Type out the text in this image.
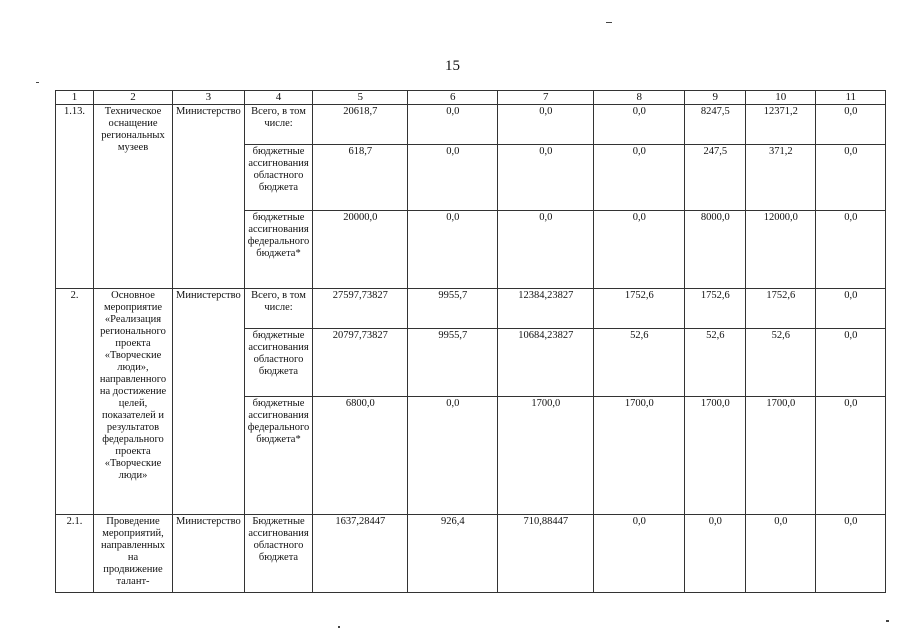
15
1	2	3	4	5	6	7	8	9	10	11
1.13.	Техническое оснащение региональных музеев	Министерство	Всего, в том числе:	20618,7	0,0	0,0	0,0	8247,5	12371,2	0,0
			бюджетные ассигнования областного бюджета	618,7	0,0	0,0	0,0	247,5	371,2	0,0
			бюджетные ассигнования федерального бюджета*	20000,0	0,0	0,0	0,0	8000,0	12000,0	0,0
2.	Основное мероприятие «Реализация регионального проекта «Творческие люди», направленного на достижение целей, показателей и результатов федерального проекта «Творческие люди»	Министерство	Всего, в том числе:	27597,73827	9955,7	12384,23827	1752,6	1752,6	1752,6	0,0
			бюджетные ассигнования областного бюджета	20797,73827	9955,7	10684,23827	52,6	52,6	52,6	0,0
			бюджетные ассигнования федерального бюджета*	6800,0	0,0	1700,0	1700,0	1700,0	1700,0	0,0
2.1.	Проведение мероприятий, направленных на продвижение талант-	Министерство	Бюджетные ассигнования областного бюджета	1637,28447	926,4	710,88447	0,0	0,0	0,0	0,0
